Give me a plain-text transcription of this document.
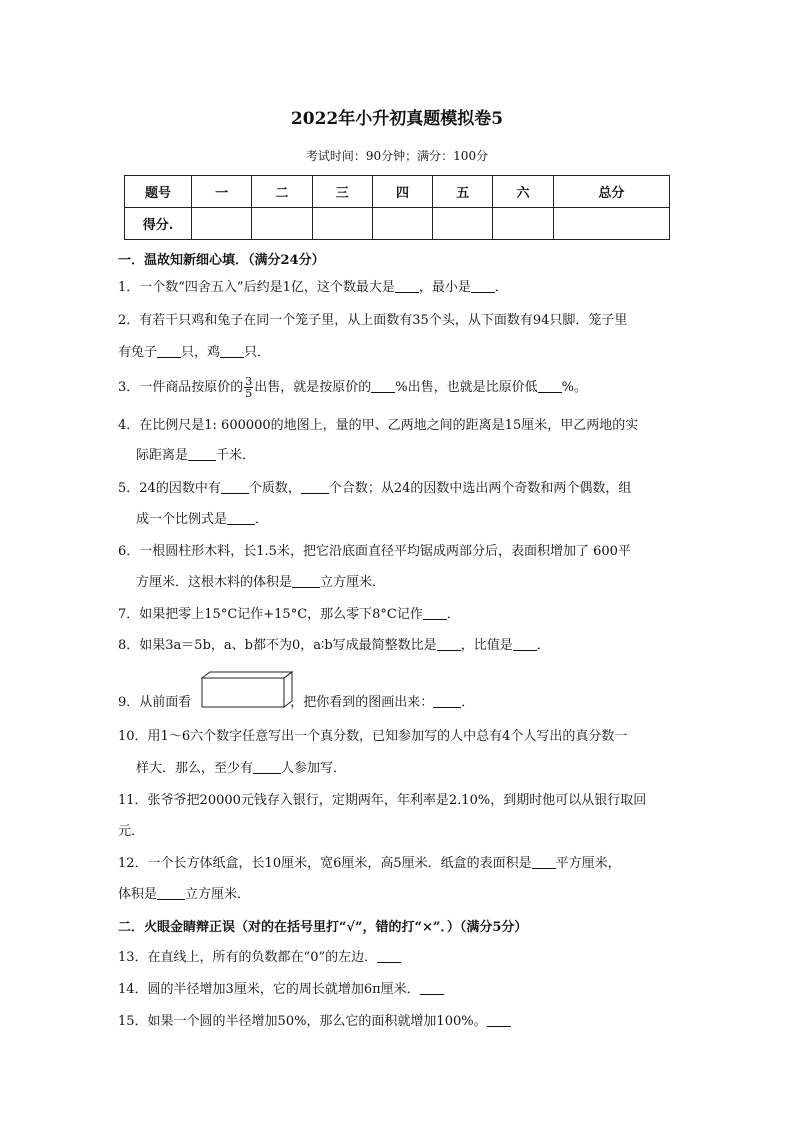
2022年小升初真题模拟卷5
考试时间：90分钟；满分：100分
题号	一	二	三	四	五	六	总分
得分.							
一．温故知新细心填．（满分24分）
1．一个数“四舍五入”后约是1亿，这个数最大是 ，最小是 ．
2．有若干只鸡和兔子在同一个笼子里，从上面数有35个头，从下面数有94只脚．笼子里
有兔子 只，鸡 只．
3．一件商品按原价的 $\frac{3}{5}$ 出售，就是按原价的 %出售，也就是比原价低 %。
4．在比例尺是1: 600000的地图上，量的甲、乙两地之间的距离是15厘米，甲乙两地的实
际距离是 千米．
5．24的因数中有 个质数， 个合数；从24的因数中选出两个奇数和两个偶数，组
成一个比例式是 ．
6．一根圆柱形木料，长1.5米，把它沿底面直径平均锯成两部分后，表面积增加了 600平
方厘米．这根木料的体积是 立方厘米．
7．如果把零上15°C记作+15°C，那么零下8°C记作 ．
8．如果3a＝5b，a、b都不为0，a∶b写成最简整数比是 ，比值是 ．
9．从前面看	，把你看到的图画出来： ．
10．用1～6六个数字任意写出一个真分数，已知参加写的人中总有4个人写出的真分数一
样大．那么，至少有 人参加写．
11．张爷爷把20000元钱存入银行，定期两年，年利率是2.10%，到期时他可以从银行取回
元．
12．一个长方体纸盒，长10厘米，宽6厘米，高5厘米．纸盒的表面积是 平方厘米，
体积是 立方厘米．
二．火眼金睛辩正误（对的在括号里打“√”，错的打“×”．）（满分5分）
13．在直线上，所有的负数都在“0”的左边．
14．圆的半径增加3厘米，它的周长就增加6π厘米．
15．如果一个圆的半径增加50%，那么它的面积就增加100%。
